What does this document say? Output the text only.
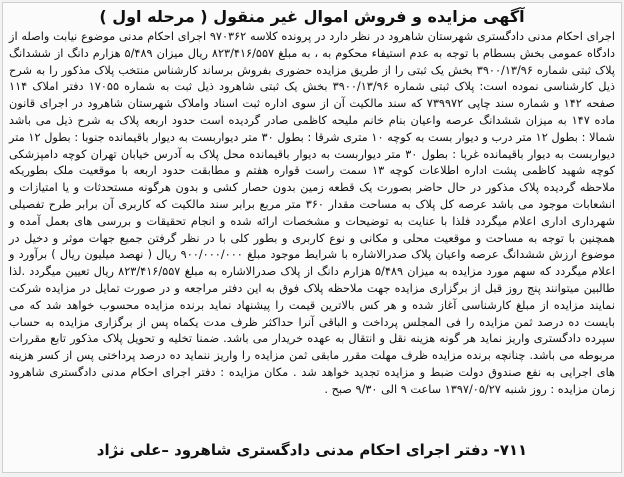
آگهی مزایده و فروش اموال غیر منقول ( مرحله اول )
اجرای احکام مدنی دادگستری شهرستان شاهرود در نظر دارد در پرونده کلاسه ۹۷۰۳۶۲ اجرای احکام مدنی موضوع نیابت واصله از دادگاه عمومی بخش بسطام با توجه به عدم استیفاء محکوم به ، به مبلغ ۸۲۳/۴۱۶/۵۵۷ ریال میزان ۵/۴۸۹ هزارم دانگ از ششدانگ پلاک ثبتی شماره ۳۹۰۰/۱۳/۹۶ بخش یک ثبتی را از طریق مزایده حضوری بفروش برساند کارشناس منتخب پلاک مذکور را به شرح ذیل کارشناسی نموده است: پلاک ثبتی شماره ۳۹۰۰/۱۳/۹۶ بخش یک ثبتی شاهرود ذیل ثبت به شماره ۱۷۰۵۵ دفتر املاک ۱۱۴ صفحه ۱۴۲ و شماره سند چاپی ۷۳۹۹۷۲ که سند مالکیت آن از سوی اداره ثبت اسناد واملاک شهرستان شاهرود در اجرای قانون ماده ۱۴۷ به میزان ششدانگ عرصه واعیان بنام خانم ملیحه کاظمی صادر گردیده است حدود اربعه پلاک به شرح ذیل می باشد شمالا : بطول ۱۲ متر درب و دیوار بست به کوچه ۱۰ متری شرقا : بطول ۳۰ متر دیواربست به دیوار باقیمانده جنوبا : بطول ۱۲ متر دیواربست به دیوار باقیمانده غربا : بطول ۳۰ متر دیواربست به دیوار باقیمانده محل پلاک به آدرس خیابان تهران کوچه دامپزشکی کوچه شهید کاظمی پشت اداره اطلاعات کوچه ۱۳ سمت راست قواره هفتم و مطابقت حدود اربعه با موقعیت ملک بطوریکه ملاحظه گردیده پلاک مذکور در حال حاضر بصورت یک قطعه زمین بدون حصار کشی و بدون هرگونه مستحدثات و یا امتیازات و انشعابات موجود می باشد عرصه کل پلاک به مساحت مقدار ۳۶۰ متر مربع برابر سند مالکیت که کاربری آن برابر طرح تفصیلی شهرداری اداری اعلام میگردد فلذا با عنایت به توضیحات و مشخصات ارائه شده و انجام تحقیقات و بررسی های بعمل آمده و همچنین با توجه به مساحت و موقعیت محلی و مکانی و نوع کاربری و بطور کلی با در نظر گرفتن جمیع جهات موثر و دخیل در موضوع ارزش ششدانگ عرصه واعیان پلاک صدرالاشاره با شرایط موجود مبلغ ۹۰۰/۰۰۰/۰۰۰ ریال ( نهصد میلیون ریال ) برآورد و اعلام میگردد که سهم مورد مزایده به میزان ۵/۴۸۹ هزارم دانگ از پلاک صدرالاشاره به مبلغ ۸۲۳/۴۱۶/۵۵۷ ریال تعیین میگردد .لذا طالبین میتوانند پنج روز قبل از برگزاری مزایده جهت ملاحظه پلاک فوق به این دفتر مراجعه و در صورت تمایل در مزایده شرکت نمایند مزایده از مبلغ کارشناسی آغاز شده و هر کس بالاترین قیمت را پیشنهاد نماید برنده مزایده محسوب خواهد شد که می بایست ده درصد ثمن مزایده را فی المجلس پرداخت و الباقی آنرا حداکثر ظرف مدت یکماه پس از برگزاری مزایده به حساب سپرده دادگستری واریز نماید هر گونه هزینه نقل و انتقال به عهده خریدار می باشد. ضمنا تخلیه و تحویل پلاک مذکور تابع مقررات مربوطه می باشد. چنانچه برنده مزایده ظرف مهلت مقرر مابقی ثمن مزایده را واریز ننماید ده درصد پرداختی پس از کسر هزینه های اجرایی به نفع صندوق دولت ضبط و مزایده تجدید خواهد شد . مکان مزایده : دفتر اجرای احکام مدنی دادگستری شاهرود زمان مزایده : روز شنبه ۱۳۹۷/۰۵/۲۷ ساعت ۹ الی ۹/۳۰ صبح .
۷۱۱- دفتر اجرای احکام مدنی دادگستری شاهرود –علی نژاد
